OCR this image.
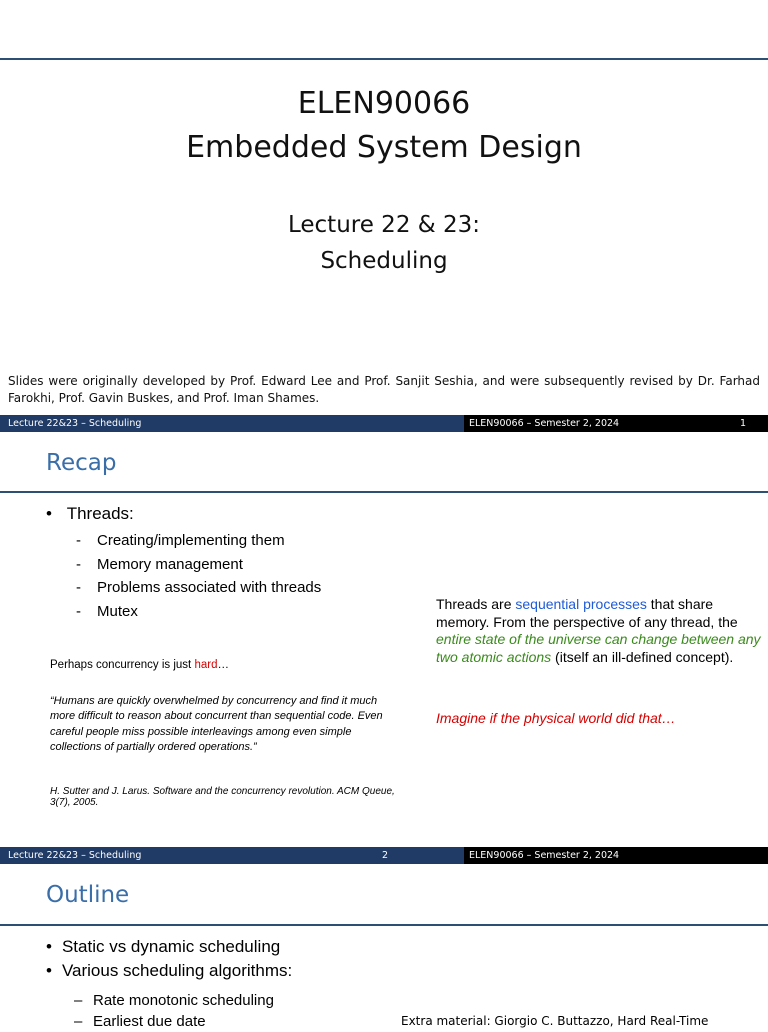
ELEN90066
Embedded System Design
Lecture 22 & 23:
Scheduling
Slides were originally developed by Prof. Edward Lee and Prof. Sanjit Seshia, and were subsequently revised by Dr. Farhad Farokhi, Prof. Gavin Buskes, and Prof. Iman Shames.
Lecture 22&23 – Scheduling	ELEN90066 – Semester 2, 2024	1
Recap
• Threads:
- Creating/implementing them
- Memory management
- Problems associated with threads
- Mutex	Threads are sequential processes that share memory. From the perspective of any thread, the entire state of the universe can change between any two atomic actions (itself an ill-defined concept).
Imagine if the physical world did that…
Perhaps concurrency is just hard…
“Humans are quickly overwhelmed by concurrency and find it much more difficult to reason about concurrent than sequential code. Even careful people miss possible interleavings among even simple collections of partially ordered operations.”
H. Sutter and J. Larus. Software and the concurrency revolution. ACM Queue, 3(7), 2005.
Lecture 22&23 – Scheduling	2	ELEN90066 – Semester 2, 2024
Outline
• Static vs dynamic scheduling
• Various scheduling algorithms:
– Rate monotonic scheduling
– Earliest due date	Extra material: Giorgio C. Buttazzo, Hard Real-Time
